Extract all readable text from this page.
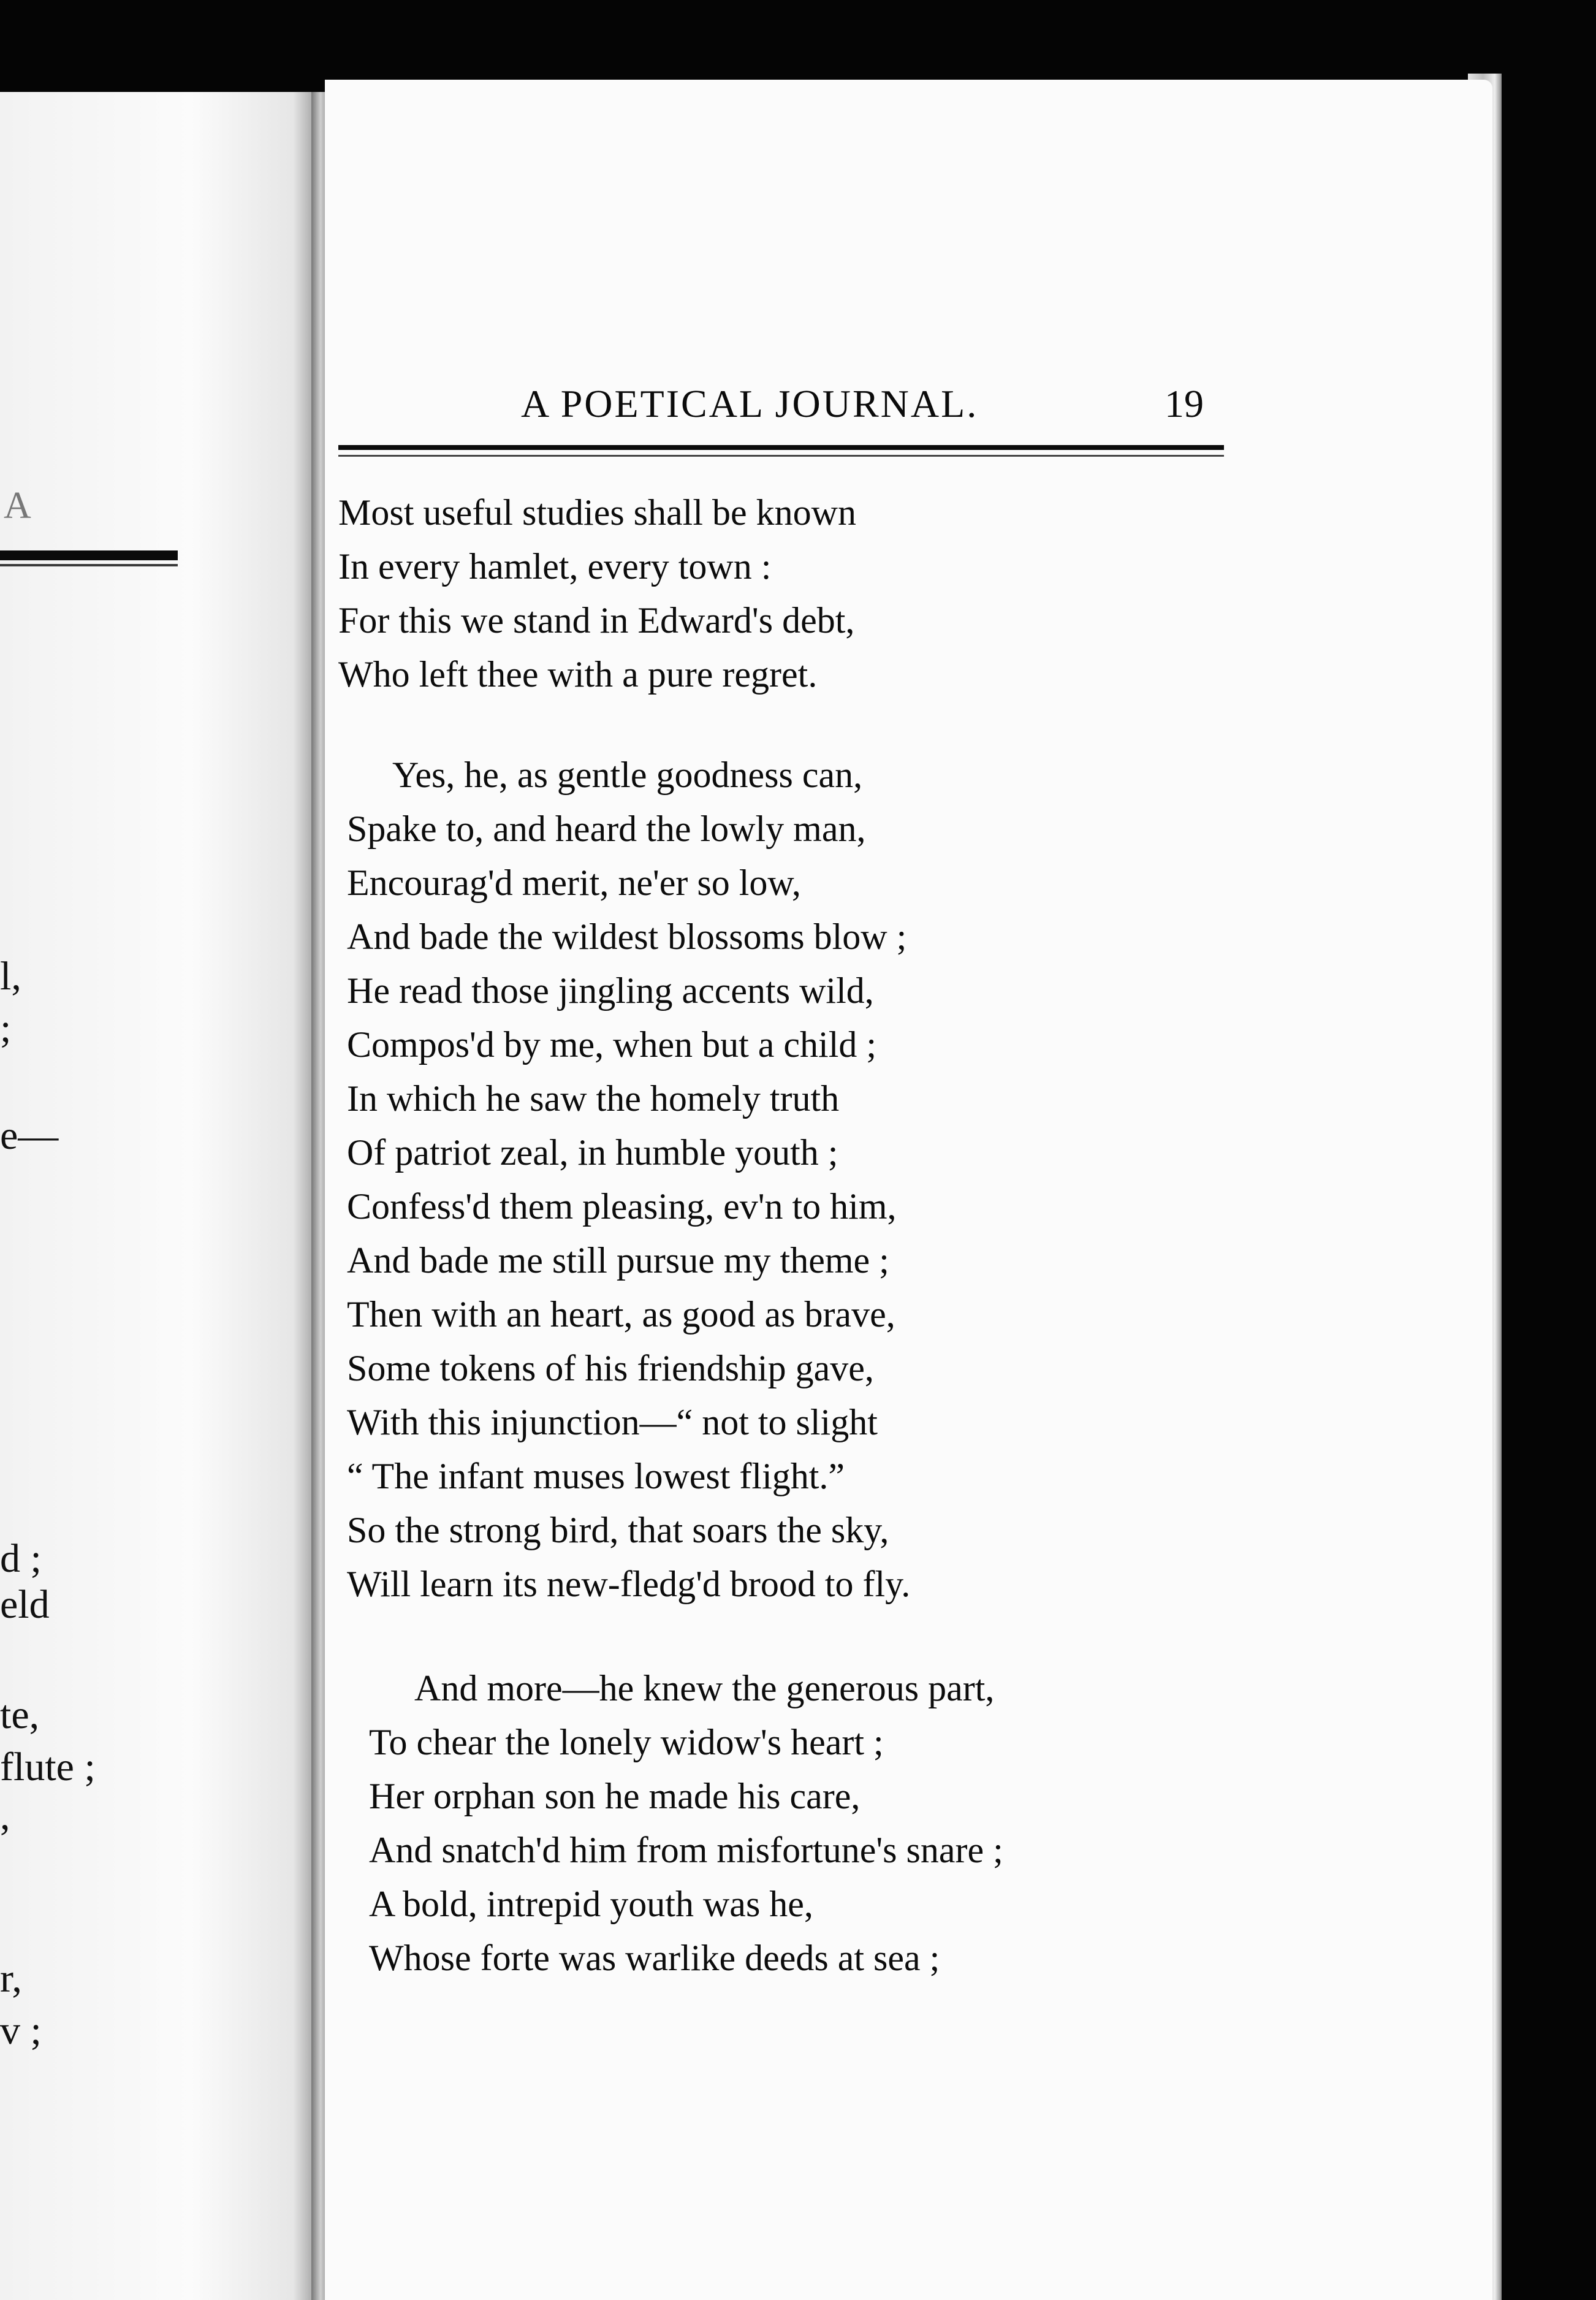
A
l,
;
e—
d ;
eld
te,
flute ;
,
r,
v ;
A POETICAL JOURNAL.	19
Most useful studies shall be known
In every hamlet, every town :
For this we stand in Edward's debt,
Who left thee with a pure regret.
Yes, he, as gentle goodness can,
Spake to, and heard the lowly man,
Encourag'd merit, ne'er so low,
And bade the wildest blossoms blow ;
He read those jingling accents wild,
Compos'd by me, when but a child ;
In which he saw the homely truth
Of patriot zeal, in humble youth ;
Confess'd them pleasing, ev'n to him,
And bade me still pursue my theme ;
Then with an heart, as good as brave,
Some tokens of his friendship gave,
With this injunction—“ not to slight
“ The infant muses lowest flight.”
So the strong bird, that soars the sky,
Will learn its new-fledg'd brood to fly.
And more—he knew the generous part,
To chear the lonely widow's heart ;
Her orphan son he made his care,
And snatch'd him from misfortune's snare ;
A bold, intrepid youth was he,
Whose forte was warlike deeds at sea ;
